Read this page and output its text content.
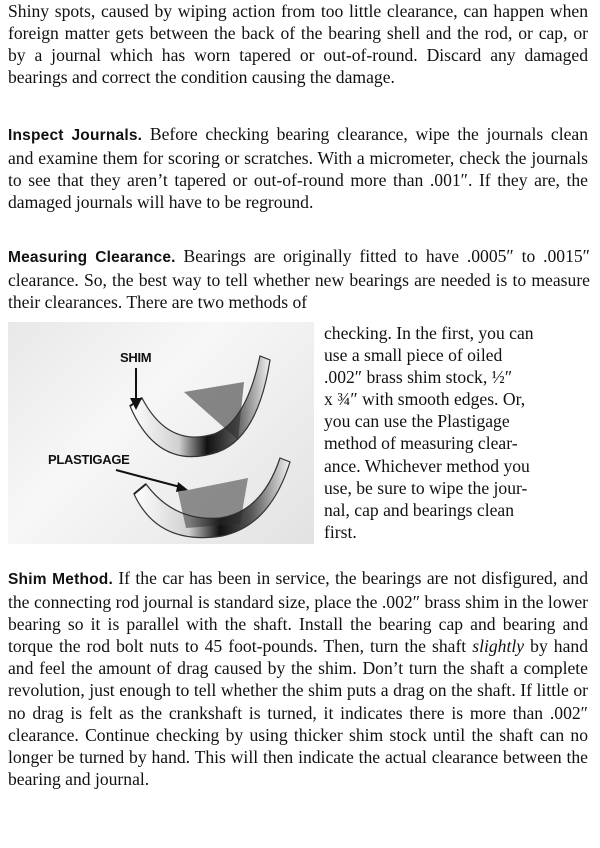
Shiny spots, caused by wiping action from too little clearance, can happen when foreign matter gets between the back of the bearing shell and the rod, or cap, or by a journal which has worn tapered or out-of-round. Discard any damaged bearings and correct the condition causing the damage.

Inspect Journals. Before checking bearing clearance, wipe the journals clean and examine them for scoring or scratches. With a micrometer, check the journals to see that they aren’t tapered or out-of-round more than .001″. If they are, the damaged journals will have to be reground.

Measuring Clearance. Bearings are originally fitted to have .0005″ to .0015″ clearance. So, the best way to tell whether new bearings are needed is to measure their clearances. There are two methods of

SHIM
PLASTIGAGE
checking. In the first, you can
use a small piece of oiled
.002″ brass shim stock, ½″
x ¾″ with smooth edges. Or,
you can use the Plastigage
method of measuring clear-
ance. Whichever method you
use, be sure to wipe the jour-
nal, cap and bearings clean
first.

Shim Method. If the car has been in service, the bearings are not disfigured, and the connecting rod journal is standard size, place the .002″ brass shim in the lower bearing so it is parallel with the shaft. Install the bearing cap and bearing and torque the rod bolt nuts to 45 foot-pounds. Then, turn the shaft slightly by hand and feel the amount of drag caused by the shim. Don’t turn the shaft a complete revolution, just enough to tell whether the shim puts a drag on the shaft. If little or no drag is felt as the crankshaft is turned, it indicates there is more than .002″ clearance. Continue checking by using thicker shim stock until the shaft can no longer be turned by hand. This will then indicate the actual clearance between the bearing and journal.
